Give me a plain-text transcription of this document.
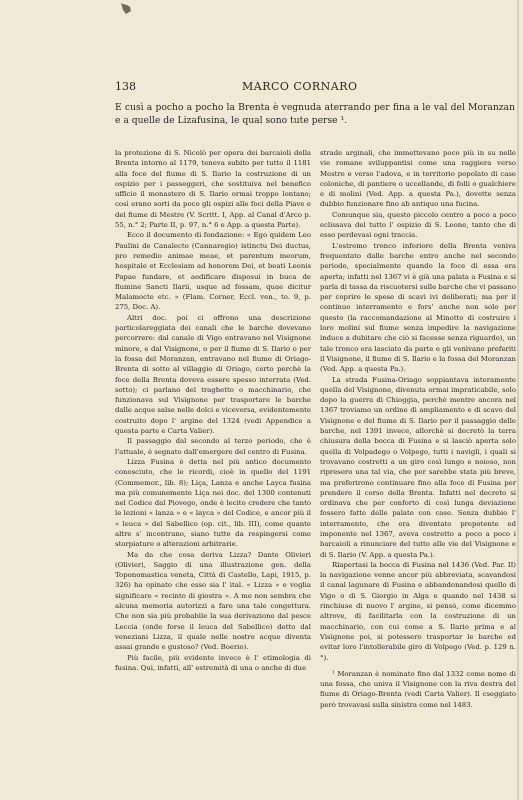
138	MARCO CORNARO
E cusì a pocho a pocho la Brenta è vegnuda aterrando per fina a le val del Moranzan e a quelle de Lizafusina, le qual sono tute perse ¹.

la protezione di S. Nicolò per opera dei barcaioli della Brenta intorno al 1179, teneva subito per tutto il 1181 alla foce del fiume di S. Ilario la costruzione di un ospizio per i passeggeri, che sostituiva nel benefico ufficio il monastero di S. Ilario ormai troppo lontano; così erano sorti da poco gli ospizi alle foci della Piave e del fiume di Mestre (V. Scritt. I, App. al Canal d'Arco p. 55, n.° 2; Parte II, p. 97, n.° 6 e App. a questa Parte).

Ecco il documento di fondazione: « Ego quidem Leo Paulini de Canalecto (Cannaregio) istinctu Dei ductus, pro remedio animae meae, et parentum meorum, hospitale et Ecclesiam ad honorem Dei, et beati Leonis Papae fundare, et aedificare disposui in buca de flumine Sancti Ilarii, usque ad fossam, quae dicitur Malamocte etc. » (Flam. Corner, Eccl. ven., to. 9, p. 275, Doc. A).

Altri doc. poi ci offrono una descrizione particolareggiata dei canali che le barche dovevano percorrere: dal canale di Vigo entravano nel Visignone minore, e dal Visignone, o per il fiume di S. Ilario o per la fossa del Moranzan, entravano nel fiume di Oriago-Brenta di sotto al villaggio di Oriago, certo perchè la foce della Brenta doveva essere spesso interrata (Ved. sotto); ci parlano del traghetto o macchinario, che funzionava sul Visignone per trasportare le barche dalle acque salse nelle dolci e viceversa, evidentemente costruito dopo l' argine del 1324 (vedi Appendice a questa parte e Carta Valier).

Il passaggio dal secondo al terzo periodo, che è l'attuale, è segnato dall'emergere del centro di Fusina.

Lizza Fusina è detta nel più antico documento conosciuto, che le ricordi, cioè in quello del 1191 (Commemor., lib. 8); Liça, Lanza e anche Layca fusina ma più comunemente Liça nei doc. del 1300 contenuti nel Codice dal Piovego, onde è lecito credere che tanto le lezioni « lanza » e « layca » del Codice, e ancor più il « leuca » del Sabellico (op. cit., lib. III), come quante altre s' incontrano, siano tutte da respingersi come storpiature o alterazioni arbitrarie.

Ma da che cosa deriva Lizza? Dante Olivieri (Olivieri, Saggio di una illustrazione gen. della Toponomastica veneta, Città di Castello, Lapi, 1915, p. 326) ha opinato che esso sia l' ital. « Lizza » e voglia significare « recinto di giostra ». A me non sembra che alcuna memoria autorizzi a fare una tale congettura. Che non sia più probabile la sua derivazione dal pesce Leccia (onde forse il leuca del Sabellico) detto dal veneziani Lizza, il quale nelle nostre acque diventa assai grande e gustoso? (Ved. Boerio).

Più facile, più evidente invece è l' etimologia di fusina. Qui, infatti, all' estremità di una o anche di due

strade arginali, che immettevano poco più in su nelle vie romane sviluppantisi come una raggiera verso Mestre e verso l'adova, e in territorio popolato di case coloniche, di pantiere o uccellande, di folli o gualchiere e di molini (Ved. App. a questa Pa.), dovette senza dubbio funzionare fino ab antiquo una fucina.

Comunque sia, questo piccolo centro a poco a poco eclissava del tutto l' ospizio di S. Leone, tanto che di esso perdevasi ogni traccia.

L'estremo tronco inferiore della Brenta veniva frequentato dalle barche entro anche nel secondo periodo, specialmente quando la foce di essa era aperta; infatti nel 1367 vi è già una palata a Fusina e si parla di tassa da riscuotersi sulle barche che vi passano per coprire le spese di scavi ivi deliberati; ma per il continuo interramento e fors' anche non solo per questo (la raccomandazione al Minotto di costruire i loro molini sul fiume senza impedire la navigazione induce a dubitare che ciò si facesse senza riguardo), un tale tronco era lasciato da parte e gli venivano preferiti il Visignone, il fiume di S. Ilario e la fossa del Moranzan (Ved. App. a questa Pa.).

La strada Fusina-Oriago soppiantava interamente quella del Visignone, divenuta ormai impraticabile, solo dopo la guerra di Chioggia, perchè mentre ancora nel 1367 troviamo un ordine di ampliamento e di scavo del Visignone e del fiume di S. Ilario per il passaggio delle barche, nel 1391 invece, allorchè si decretò la terra chiusura della bocca di Fusina e si lasciò aperta solo quella di Volpadego o Volpego, tutti i navigli, i quali si trovavano costretti a un giro così lungo e noioso, non ripresero una tal via, che per sarebbe stata più breve, ma preferirono continuare fino alla foce di Fusina per prendere il corso della Brenta. Infatti nel decreto si ordinava che per conforto di così lunga deviazione fossero fatte delle palate con case. Senza dubbio l' interramento, che era diventato prepotente ed imponente nel 1367, aveva costretto a poco a poco i barcaioli a rinunciare del tutto alle vie del Visignone e di S. Ilario (V. App. a questa Pa.).

Riapertasi la bocca di Fusina nel 1436 (Ved. Par. II) la navigazione venne ancor più abbreviata, scavandosi il canal lagunare di Fusina e abbandonandosi quello di Vigo o di S. Giorgio in Alga e quando nel 1438 si rinchiuse di nuovo l' argine, si pensò, come dicemmo altrove, di facilitarla con la costruzione di un macchinario, con cui come a S. Ilario prima e al Visignone poi, si potessero trasportar le barche ed evitar loro l'intollerabile giro di Volpego (Ved. p. 129 n.°).

¹ Moranzan è nominato fino dal 1332 come nome di una fossa, che univa il Visignone con la riva destra del fiume di Oriago-Brenta (vedi Carta Valier). Il cseggiato però trovavasi sulla sinistra come nel 1483.
